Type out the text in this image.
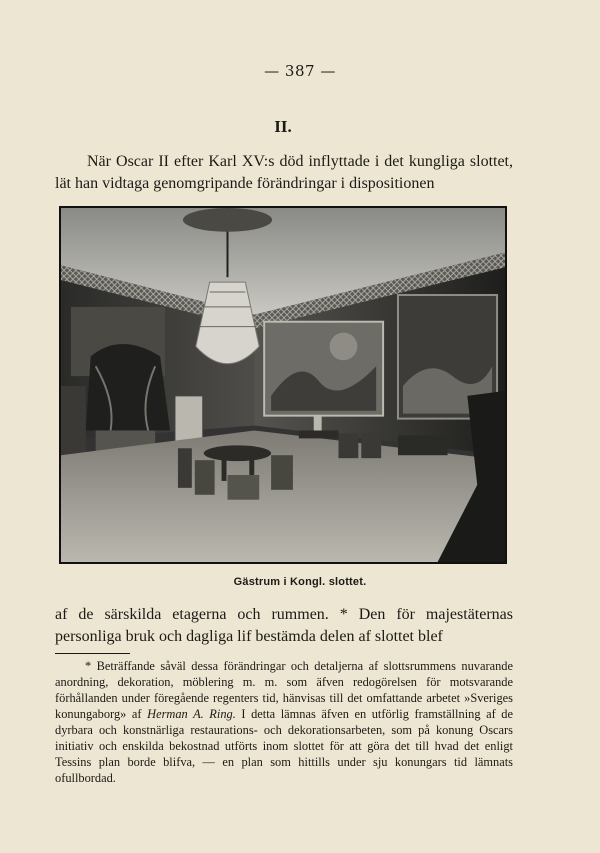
— 387 —
II.

När Oscar II efter Karl XV:s död inflyttade i det kungliga slottet, lät han vidtaga genomgripande förändringar i dispositionen

Gästrum i Kongl. slottet.

af de särskilda etagerna och rummen. * Den för majestäternas personliga bruk och dagliga lif bestämda delen af slottet blef

* Beträffande såväl dessa förändringar och detaljerna af slottsrummens nuvarande anordning, dekoration, möblering m. m. som äfven redogörelsen för motsvarande förhållanden under föregående regenters tid, hänvisas till det omfattande arbetet »Sveriges konungaborg» af Herman A. Ring. I detta lämnas äfven en utförlig framställning af de dyrbara och konstnärliga restaurations- och dekorationsarbeten, som på konung Oscars initiativ och enskilda bekostnad utförts inom slottet för att göra det till hvad det enligt Tessins plan borde blifva, — en plan som hittills under sju konungars tid lämnats ofullbordad.
